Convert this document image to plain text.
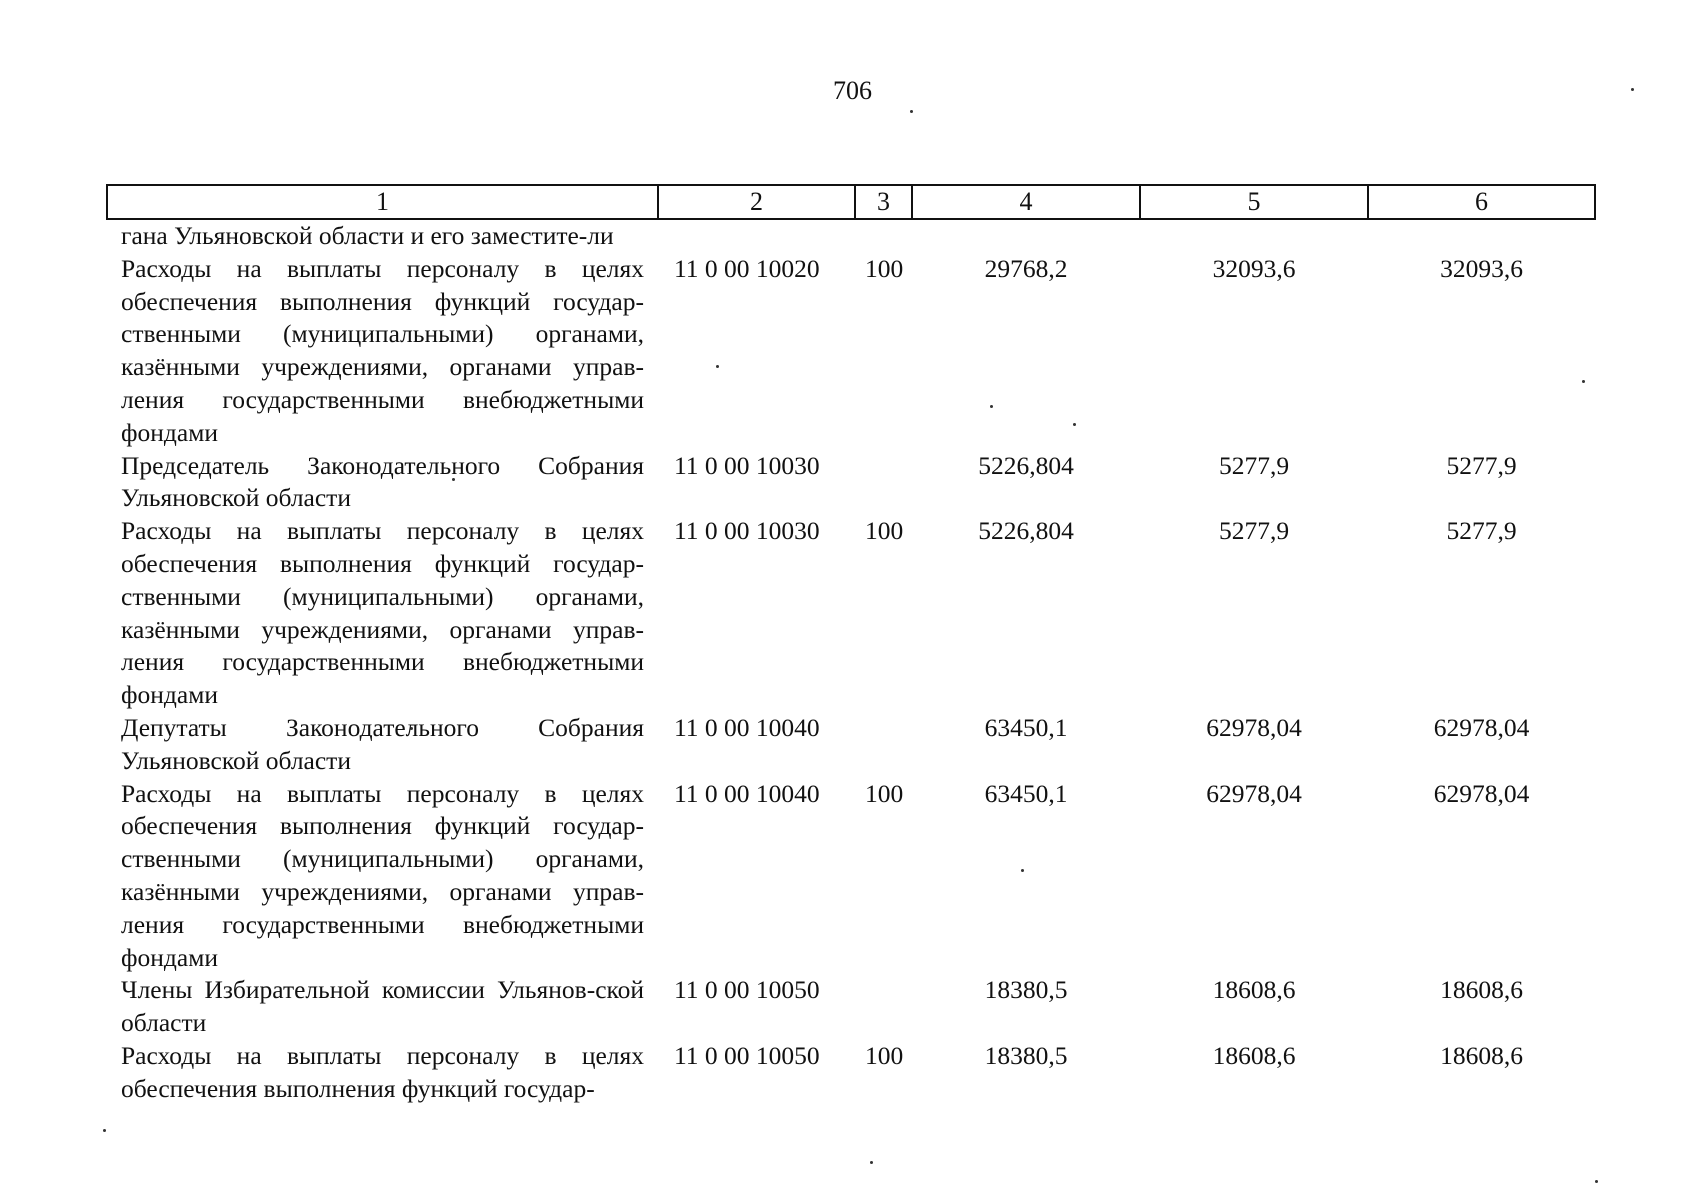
706
1	2	3	4	5	6
гана Ульяновской области и его заместите-ли					
Расходы на выплаты персоналу в целях обеспечения выполнения функций государ-ственными (муниципальными) органами, казёнными учреждениями, органами управ-ления государственными внебюджетными фондами	11 0 00 10020	100	29768,2	32093,6	32093,6
Председатель Законодательного Собрания Ульяновской области	11 0 00 10030		5226,804	5277,9	5277,9
Расходы на выплаты персоналу в целях обеспечения выполнения функций государ-ственными (муниципальными) органами, казёнными учреждениями, органами управ-ления государственными внебюджетными фондами	11 0 00 10030	100	5226,804	5277,9	5277,9
Депутаты Законодательного Собрания Ульяновской области	11 0 00 10040		63450,1	62978,04	62978,04
Расходы на выплаты персоналу в целях обеспечения выполнения функций государ-ственными (муниципальными) органами, казёнными учреждениями, органами управ-ления государственными внебюджетными фондами	11 0 00 10040	100	63450,1	62978,04	62978,04
Члены Избирательной комиссии Ульянов-ской области	11 0 00 10050		18380,5	18608,6	18608,6
Расходы на выплаты персоналу в целях обеспечения выполнения функций государ-	11 0 00 10050	100	18380,5	18608,6	18608,6
